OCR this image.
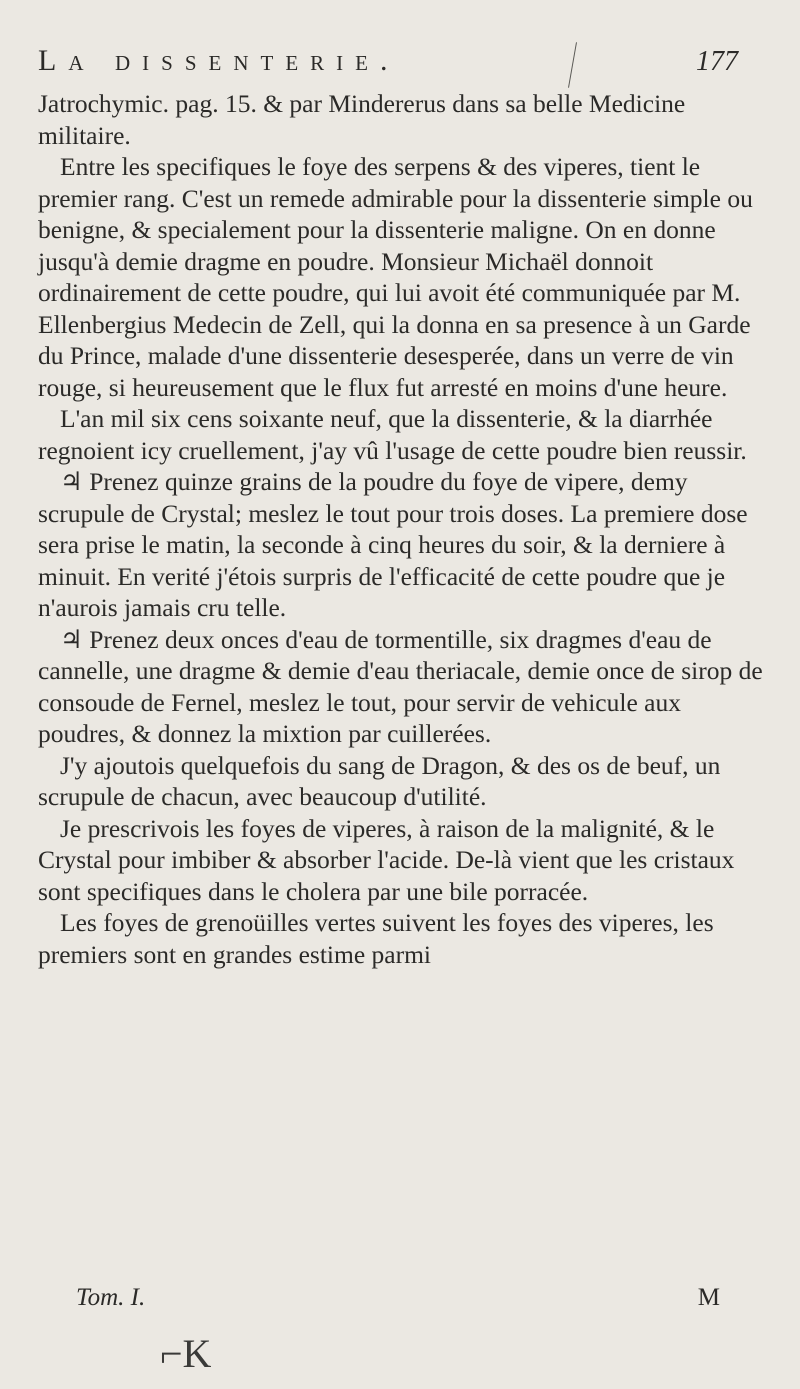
La dissenterie.	177

Jatrochymic. pag. 15. & par Mindererus dans sa belle Medicine militaire.

Entre les specifiques le foye des serpens & des viperes, tient le premier rang. C'est un remede admirable pour la dissenterie simple ou benigne, & specialement pour la dissenterie maligne. On en donne jusqu'à demie dragme en poudre. Monsieur Michaël donnoit ordinairement de cette poudre, qui lui avoit été communiquée par M. Ellenbergius Medecin de Zell, qui la donna en sa presence à un Garde du Prince, malade d'une dissenterie desesperée, dans un verre de vin rouge, si heureusement que le flux fut arresté en moins d'une heure.

L'an mil six cens soixante neuf, que la dissenterie, & la diarrhée regnoient icy cruellement, j'ay vû l'usage de cette poudre bien reussir.

♃ Prenez quinze grains de la poudre du foye de vipere, demy scrupule de Crystal; meslez le tout pour trois doses. La premiere dose sera prise le matin, la seconde à cinq heures du soir, & la derniere à minuit. En verité j'étois surpris de l'efficacité de cette poudre que je n'aurois jamais cru telle.

♃ Prenez deux onces d'eau de tormentille, six dragmes d'eau de cannelle, une dragme & demie d'eau theriacale, demie once de sirop de consoude de Fernel, meslez le tout, pour servir de vehicule aux poudres, & donnez la mixtion par cuillerées.

J'y ajoutois quelquefois du sang de Dragon, & des os de beuf, un scrupule de chacun, avec beaucoup d'utilité.

Je prescrivois les foyes de viperes, à raison de la malignité, & le Crystal pour imbiber & absorber l'acide. De-là vient que les cristaux sont specifiques dans le cholera par une bile porracée.

Les foyes de grenoüilles vertes suivent les foyes des viperes, les premiers sont en grandes estime parmi

Tom. I.	M
⌐K
